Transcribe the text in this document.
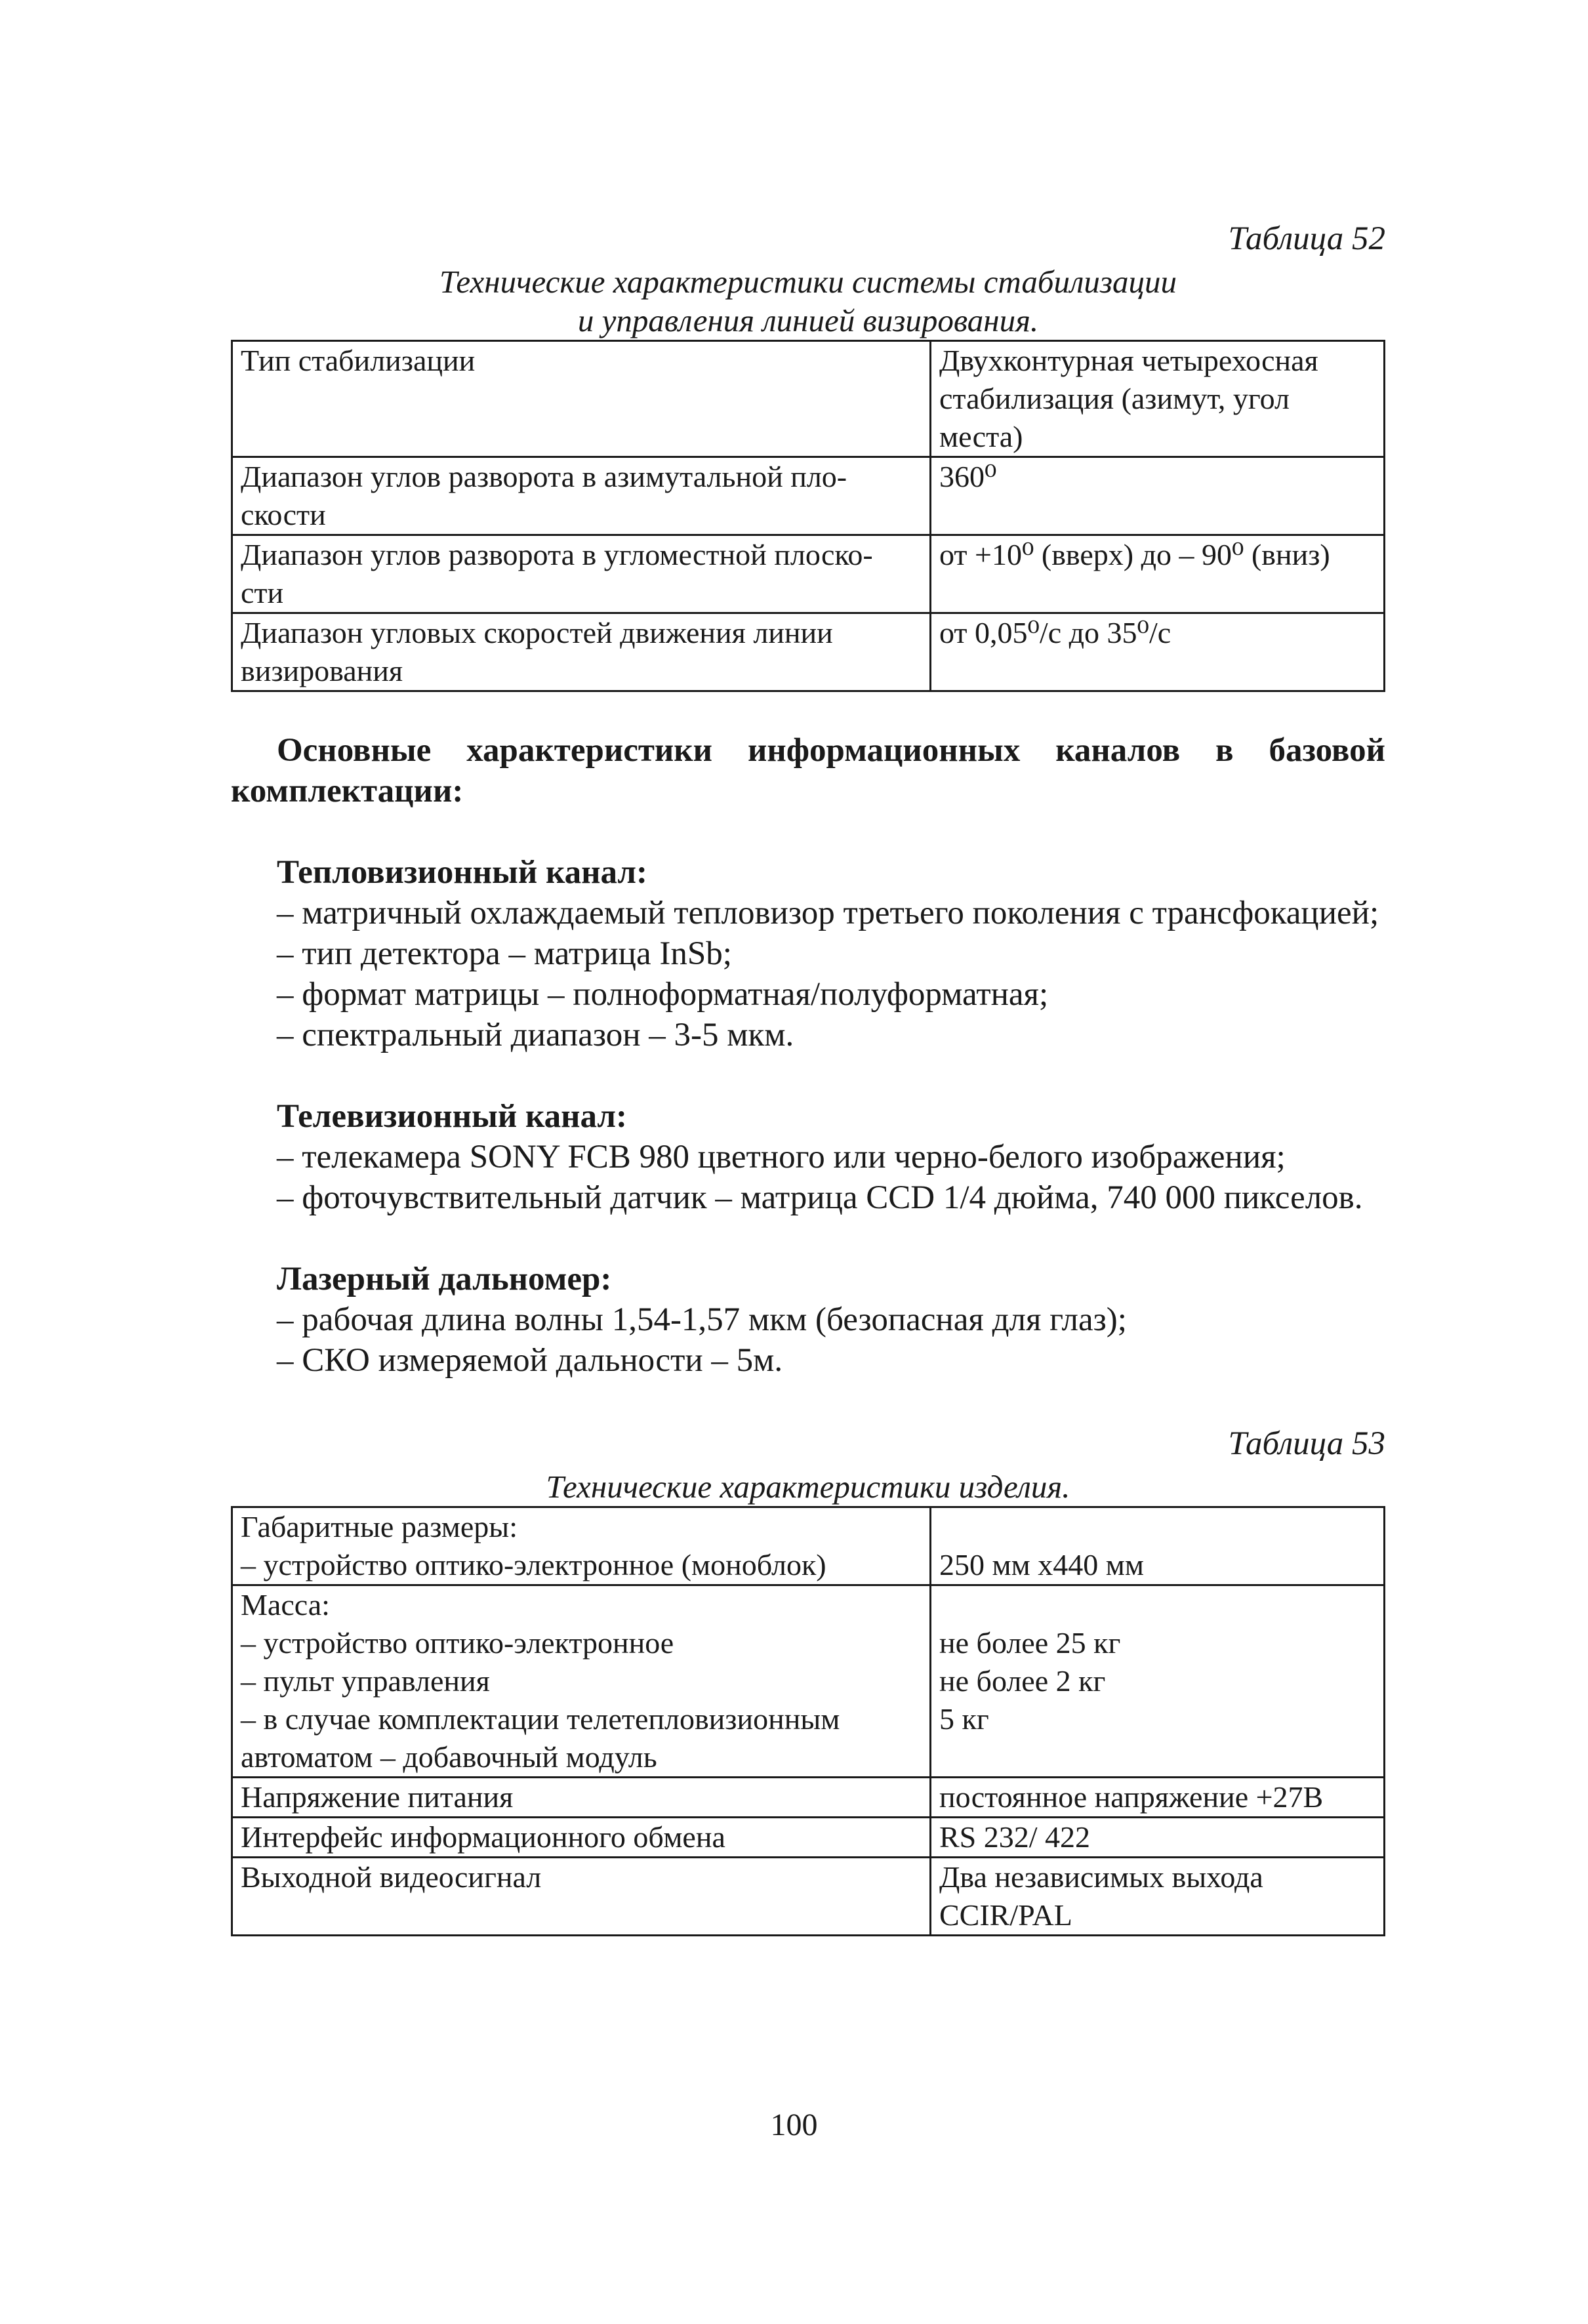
Таблица 52
Технические характеристики системы стабилизации
и управления линией визирования.
Тип стабилизации	Двухконтурная четырехосная
стабилизация (азимут, угол
места)

Диапазон углов разворота в азимутальной пло-
скости	360⁰

Диапазон углов разворота в угломестной плоско-
сти	от +10⁰ (вверх) до – 90⁰ (вниз)

Диапазон угловых скоростей движения линии
визирования	от 0,05⁰/с до 35⁰/с
Основные характеристики информационных каналов в базовой комплектации:
Тепловизионный канал:
– матричный охлаждаемый тепловизор третьего поколения с трансфокацией;
– тип детектора – матрица InSb;
– формат матрицы – полноформатная/полуформатная;
– спектральный диапазон – 3-5 мкм.
Телевизионный канал:
– телекамера SONY FCB 980 цветного или черно-белого изображения;
– фоточувствительный датчик – матрица CCD 1/4 дюйма, 740 000 пикселов.
Лазерный дальномер:
– рабочая длина волны 1,54-1,57 мкм (безопасная для глаз);
– СКО измеряемой дальности – 5м.
Таблица 53
Технические характеристики изделия.
Габаритные размеры:
– устройство оптико-электронное (моноблок)	250 мм х440 мм

Масса:
– устройство оптико-электронное
– пульт управления
– в случае комплектации телетепловизионным
автоматом – добавочный модуль	не более 25 кг
не более 2 кг
5 кг

Напряжение питания	постоянное напряжение +27В

Интерфейс информационного обмена	RS 232/ 422

Выходной видеосигнал	Два независимых выхода
CCIR/PAL
100
